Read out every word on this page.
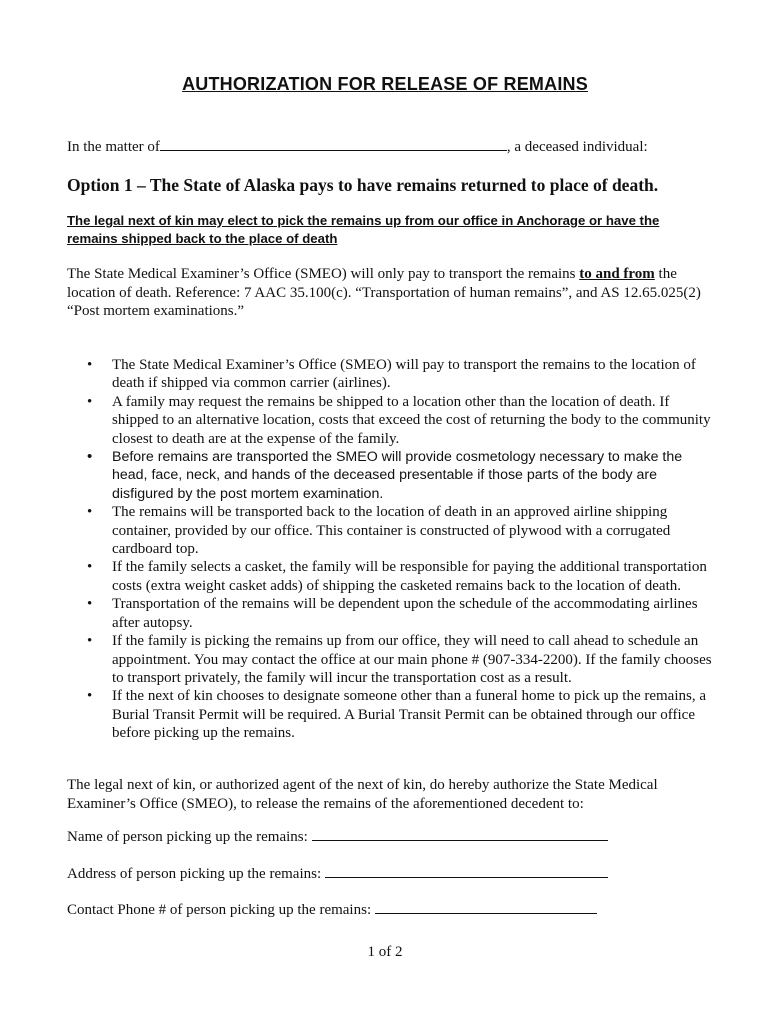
AUTHORIZATION FOR RELEASE OF REMAINS
In the matter of	, a deceased individual:
Option 1 – The State of Alaska pays to have remains returned to place of death.
The legal next of kin may elect to pick the remains up from our office in Anchorage or have the remains shipped back to the place of death
The State Medical Examiner’s Office (SMEO) will only pay to transport the remains to and from the location of death. Reference: 7 AAC 35.100(c). “Transportation of human remains”, and AS 12.65.025(2) “Post mortem examinations.”
• The State Medical Examiner’s Office (SMEO) will pay to transport the remains to the location of death if shipped via common carrier (airlines).
• A family may request the remains be shipped to a location other than the location of death. If shipped to an alternative location, costs that exceed the cost of returning the body to the community closest to death are at the expense of the family.
• Before remains are transported the SMEO will provide cosmetology necessary to make the head, face, neck, and hands of the deceased presentable if those parts of the body are disfigured by the post mortem examination.
• The remains will be transported back to the location of death in an approved airline shipping container, provided by our office. This container is constructed of plywood with a corrugated cardboard top.
• If the family selects a casket, the family will be responsible for paying the additional transportation costs (extra weight casket adds) of shipping the casketed remains back to the location of death.
• Transportation of the remains will be dependent upon the schedule of the accommodating airlines after autopsy.
• If the family is picking the remains up from our office, they will need to call ahead to schedule an appointment. You may contact the office at our main phone # (907-334-2200). If the family chooses to transport privately, the family will incur the transportation cost as a result.
• If the next of kin chooses to designate someone other than a funeral home to pick up the remains, a Burial Transit Permit will be required. A Burial Transit Permit can be obtained through our office before picking up the remains.
The legal next of kin, or authorized agent of the next of kin, do hereby authorize the State Medical Examiner’s Office (SMEO), to release the remains of the aforementioned decedent to:
Name of person picking up the remains:
Address of person picking up the remains:
Contact Phone # of person picking up the remains:
1 of 2
